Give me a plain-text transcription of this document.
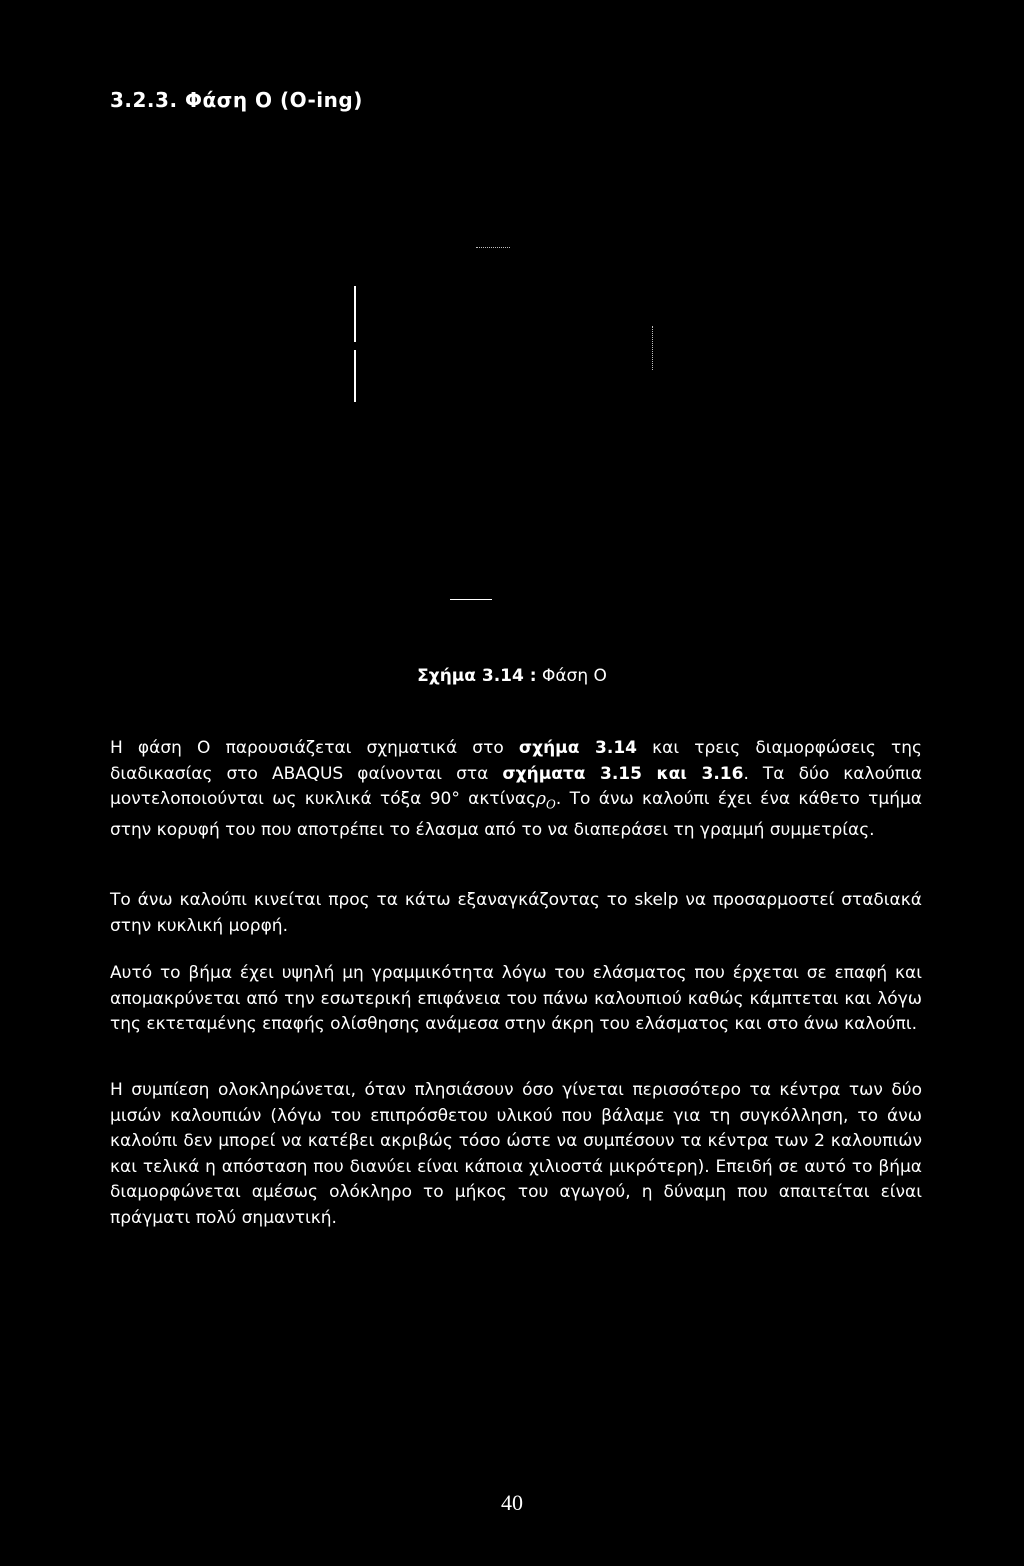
3.2.3. Φάση Ο (O-ing)

Σχήμα 3.14 : Φάση Ο

Η φάση Ο παρουσιάζεται σχηματικά στο σχήμα 3.14 και τρεις διαμορφώσεις της διαδικασίας στο ABAQUS φαίνονται στα σχήματα 3.15 και 3.16. Τα δύο καλούπια μοντελοποιούνται ως κυκλικά τόξα 90° ακτίναςρ$_O$. Το άνω καλούπι έχει ένα κάθετο τμήμα στην κορυφή του που αποτρέπει το έλασμα από το να διαπεράσει τη γραμμή συμμετρίας.

Το άνω καλούπι κινείται προς τα κάτω εξαναγκάζοντας το skelp να προσαρμοστεί σταδιακά στην κυκλική μορφή.

Αυτό το βήμα έχει υψηλή μη γραμμικότητα λόγω του ελάσματος που έρχεται σε επαφή και απομακρύνεται από την εσωτερική επιφάνεια του πάνω καλουπιού καθώς κάμπτεται και λόγω της εκτεταμένης επαφής ολίσθησης ανάμεσα στην άκρη του ελάσματος και στο άνω καλούπι.

Η συμπίεση ολοκληρώνεται, όταν πλησιάσουν όσο γίνεται περισσότερο τα κέντρα των δύο μισών καλουπιών (λόγω του επιπρόσθετου υλικού που βάλαμε για τη συγκόλληση, το άνω καλούπι δεν μπορεί να κατέβει ακριβώς τόσο ώστε να συμπέσουν τα κέντρα των 2 καλουπιών και τελικά η απόσταση που διανύει είναι κάποια χιλιοστά μικρότερη). Επειδή σε αυτό το βήμα διαμορφώνεται αμέσως ολόκληρο το μήκος του αγωγού, η δύναμη που απαιτείται είναι πράγματι πολύ σημαντική.

40
